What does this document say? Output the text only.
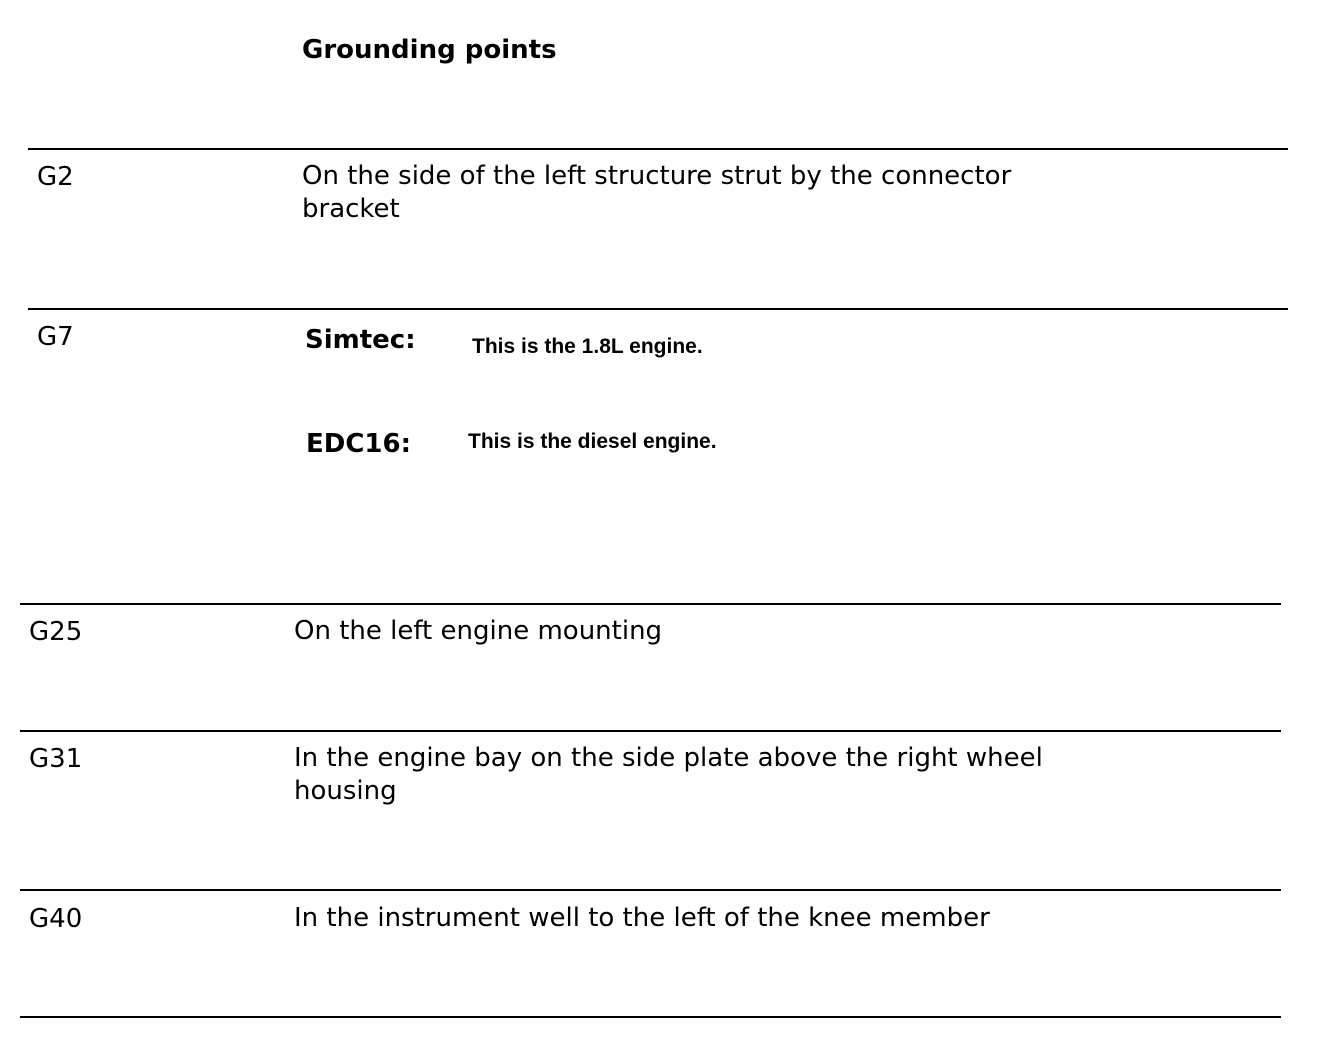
Grounding points
G2	On the side of the left structure strut by the connector bracket
G7	Simtec:	This is the 1.8L engine.
EDC16:	This is the diesel engine.
G25	On the left engine mounting
G31	In the engine bay on the side plate above the right wheel housing
G40	In the instrument well to the left of the knee member
